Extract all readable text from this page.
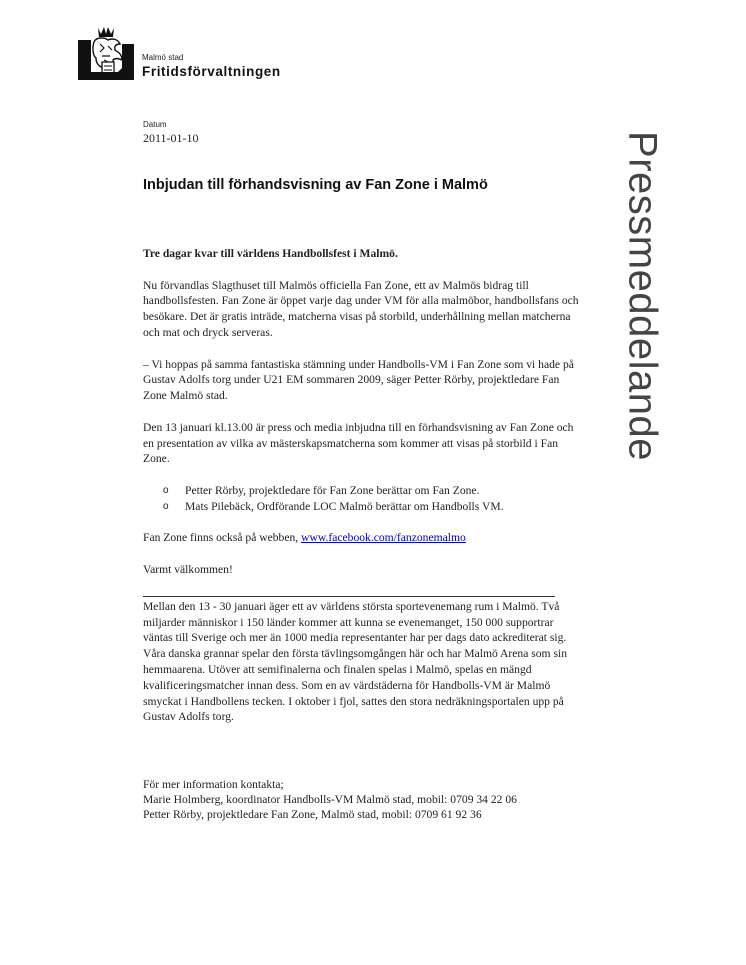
Malmö stad
Fritidsförvaltningen
Datum
2011-01-10
Inbjudan till förhandsvisning av Fan Zone i Malmö	Pressmeddelande

Tre dagar kvar till världens Handbollsfest i Malmö.

Nu förvandlas Slagthuset till Malmös officiella Fan Zone, ett av Malmös bidrag till handbollsfesten. Fan Zone är öppet varje dag under VM för alla malmöbor, handbollsfans och besökare. Det är gratis inträde, matcherna visas på storbild, underhållning mellan matcherna och mat och dryck serveras.

– Vi hoppas på samma fantastiska stämning under Handbolls-VM i Fan Zone som vi hade på Gustav Adolfs torg under U21 EM sommaren 2009, säger Petter Rörby, projektledare Fan Zone Malmö stad.

Den 13 januari kl.13.00 är press och media inbjudna till en förhandsvisning av Fan Zone och en presentation av vilka av mästerskapsmatcherna som kommer att visas på storbild i Fan Zone.

o Petter Rörby, projektledare för Fan Zone berättar om Fan Zone.
o Mats Pilebäck, Ordförande LOC Malmö berättar om Handbolls VM.

Fan Zone finns också på webben, www.facebook.com/fanzonemalmo

Varmt välkommen!

Mellan den 13 - 30 januari äger ett av världens största sportevenemang rum i Malmö. Två miljarder människor i 150 länder kommer att kunna se evenemanget, 150 000 supportrar väntas till Sverige och mer än 1000 media representanter har per dags dato ackrediterat sig.
Våra danska grannar spelar den första tävlingsomgången här och har Malmö Arena som sin hemmaarena. Utöver att semifinalerna och finalen spelas i Malmö, spelas en mängd kvalificeringsmatcher innan dess. Som en av värdstäderna för Handbolls-VM är Malmö smyckat i Handbollens tecken. I oktober i fjol, sattes den stora nedräkningsportalen upp på Gustav Adolfs torg.
För mer information kontakta;
Marie Holmberg, koordinator Handbolls-VM Malmö stad, mobil: 0709 34 22 06
Petter Rörby, projektledare Fan Zone, Malmö stad, mobil: 0709 61 92 36
